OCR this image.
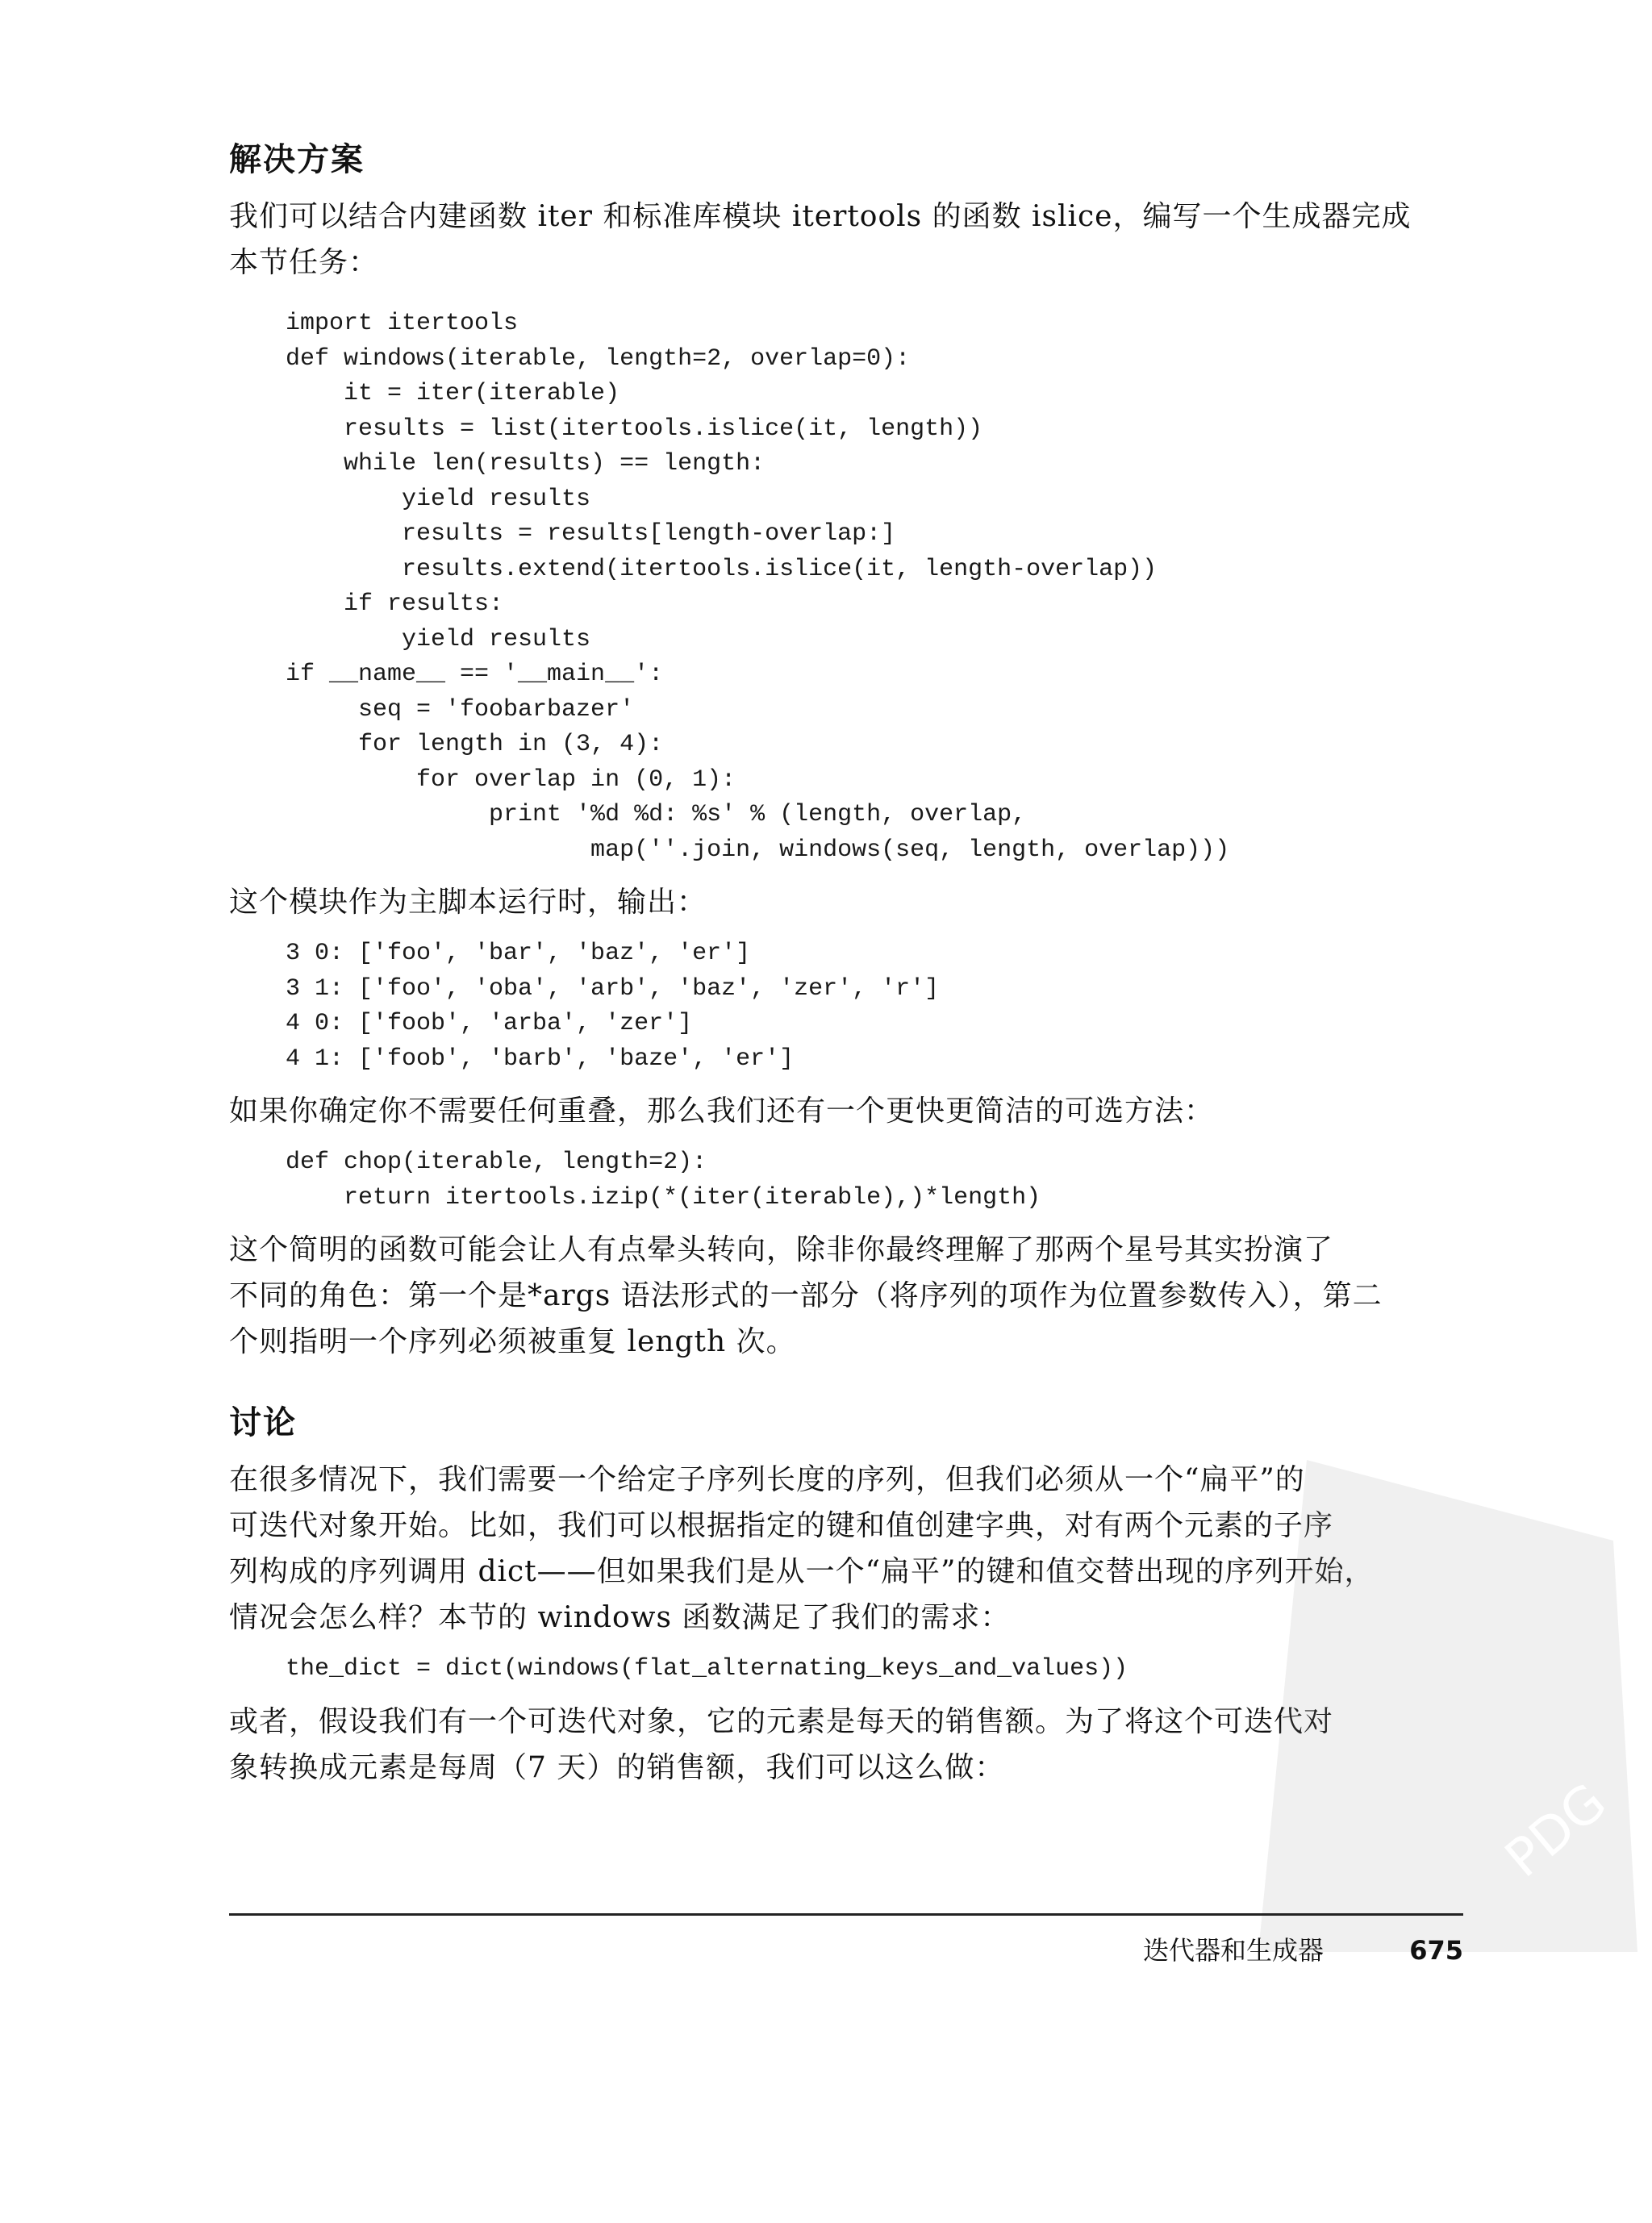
解决方案

我们可以结合内建函数 iter 和标准库模块 itertools 的函数 islice，编写一个生成器完成

本节任务：

import itertools
def windows(iterable, length=2, overlap=0):
it = iter(iterable)
results = list(itertools.islice(it, length))
while len(results) == length:
yield results
results = results[length-overlap:]
results.extend(itertools.islice(it, length-overlap))
if results:
yield results
if __name__ == '__main__':
seq = 'foobarbazer'
for length in (3, 4):
for overlap in (0, 1):
print '%d %d: %s' % (length, overlap,
map(''.join, windows(seq, length, overlap)))

这个模块作为主脚本运行时，输出：

3 0: ['foo', 'bar', 'baz', 'er']
3 1: ['foo', 'oba', 'arb', 'baz', 'zer', 'r']
4 0: ['foob', 'arba', 'zer']
4 1: ['foob', 'barb', 'baze', 'er']

如果你确定你不需要任何重叠，那么我们还有一个更快更简洁的可选方法：

def chop(iterable, length=2):
return itertools.izip(*(iter(iterable),)*length)

这个简明的函数可能会让人有点晕头转向，除非你最终理解了那两个星号其实扮演了

不同的角色：第一个是*args 语法形式的一部分（将序列的项作为位置参数传入），第二

个则指明一个序列必须被重复 length 次。

讨论

在很多情况下，我们需要一个给定子序列长度的序列，但我们必须从一个“扁平”的

可迭代对象开始。比如，我们可以根据指定的键和值创建字典，对有两个元素的子序

列构成的序列调用 dict——但如果我们是从一个“扁平”的键和值交替出现的序列开始，

情况会怎么样？本节的 windows 函数满足了我们的需求：

the_dict = dict(windows(flat_alternating_keys_and_values))

或者，假设我们有一个可迭代对象，它的元素是每天的销售额。为了将这个可迭代对

象转换成元素是每周（7 天）的销售额，我们可以这么做：

PDG
迭代器和生成器	675
